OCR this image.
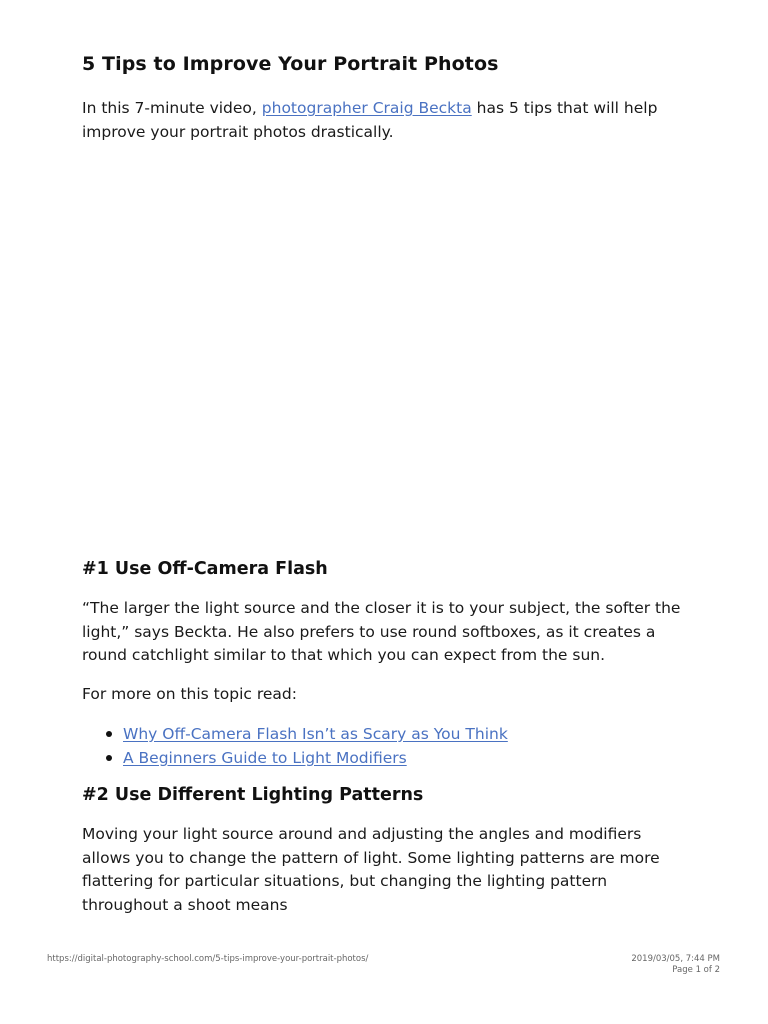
5 Tips to Improve Your Portrait Photos

In this 7-minute video, photographer Craig Beckta has 5 tips that will help improve your portrait photos drastically.

#1 Use Off-Camera Flash

“The larger the light source and the closer it is to your subject, the softer the light,” says Beckta. He also prefers to use round softboxes, as it creates a round catchlight similar to that which you can expect from the sun.

For more on this topic read:

Why Off-Camera Flash Isn’t as Scary as You Think
A Beginners Guide to Light Modifiers
#2 Use Different Lighting Patterns

Moving your light source around and adjusting the angles and modifiers allows you to change the pattern of light. Some lighting patterns are more flattering for particular situations, but changing the lighting pattern throughout a shoot means

https://digital-photography-school.com/5-tips-improve-your-portrait-photos/	2019/03/05, 7:44 PM
Page 1 of 2
